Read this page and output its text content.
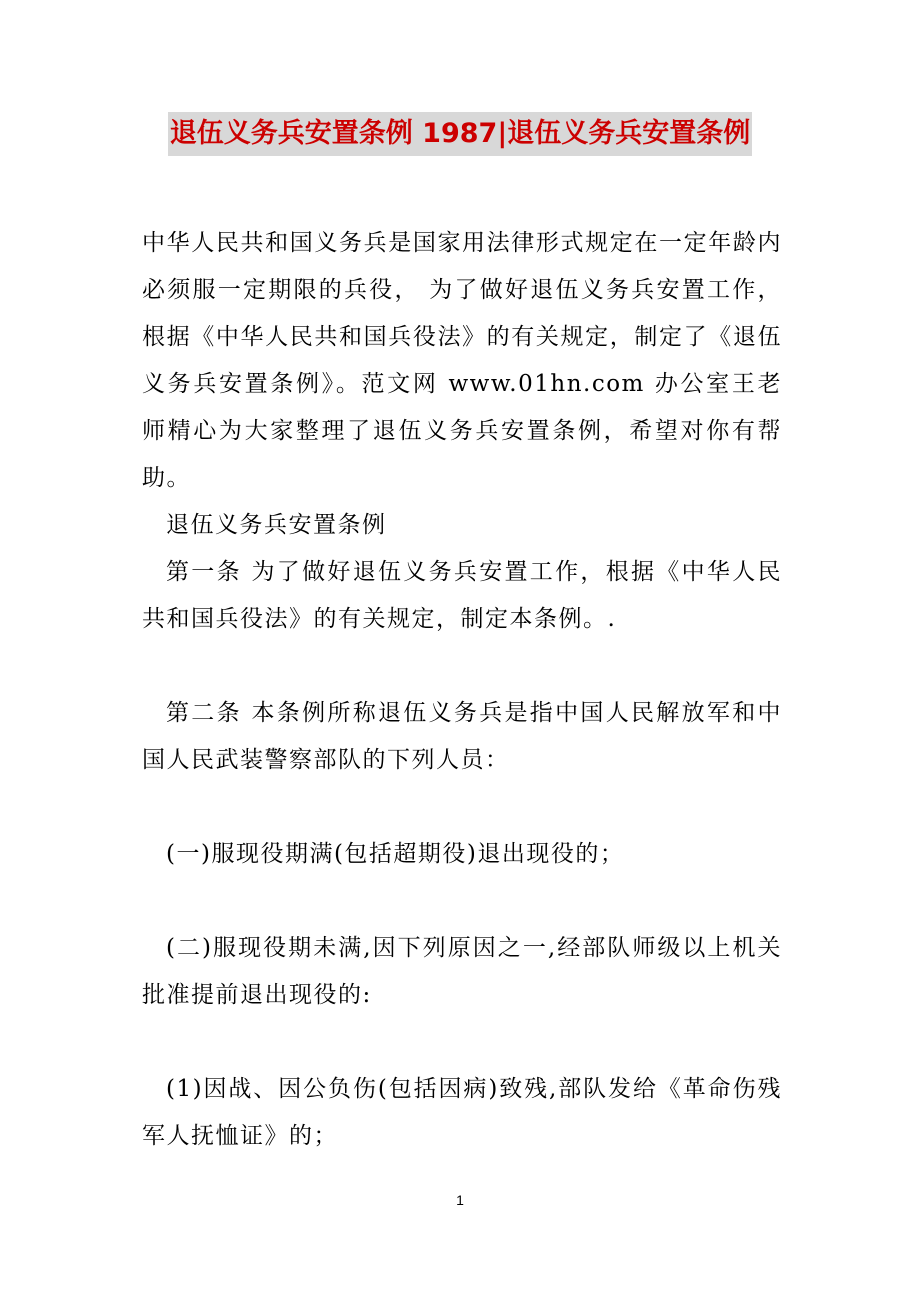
退伍义务兵安置条例 1987|退伍义务兵安置条例

中华人民共和国义务兵是国家用法律形式规定在一定年龄内必须服一定期限的兵役， 为了做好退伍义务兵安置工作，根据《中华人民共和国兵役法》的有关规定，制定了《退伍义务兵安置条例》。范文网 www.01hn.com 办公室王老师精心为大家整理了退伍义务兵安置条例，希望对你有帮助。

退伍义务兵安置条例

第一条 为了做好退伍义务兵安置工作，根据《中华人民共和国兵役法》的有关规定，制定本条例。.

第二条 本条例所称退伍义务兵是指中国人民解放军和中国人民武装警察部队的下列人员：

(一)服现役期满(包括超期役)退出现役的；

(二)服现役期未满,因下列原因之一,经部队师级以上机关批准提前退出现役的:

(1)因战、因公负伤(包括因病)致残,部队发给《革命伤残军人抚恤证》的；

1
